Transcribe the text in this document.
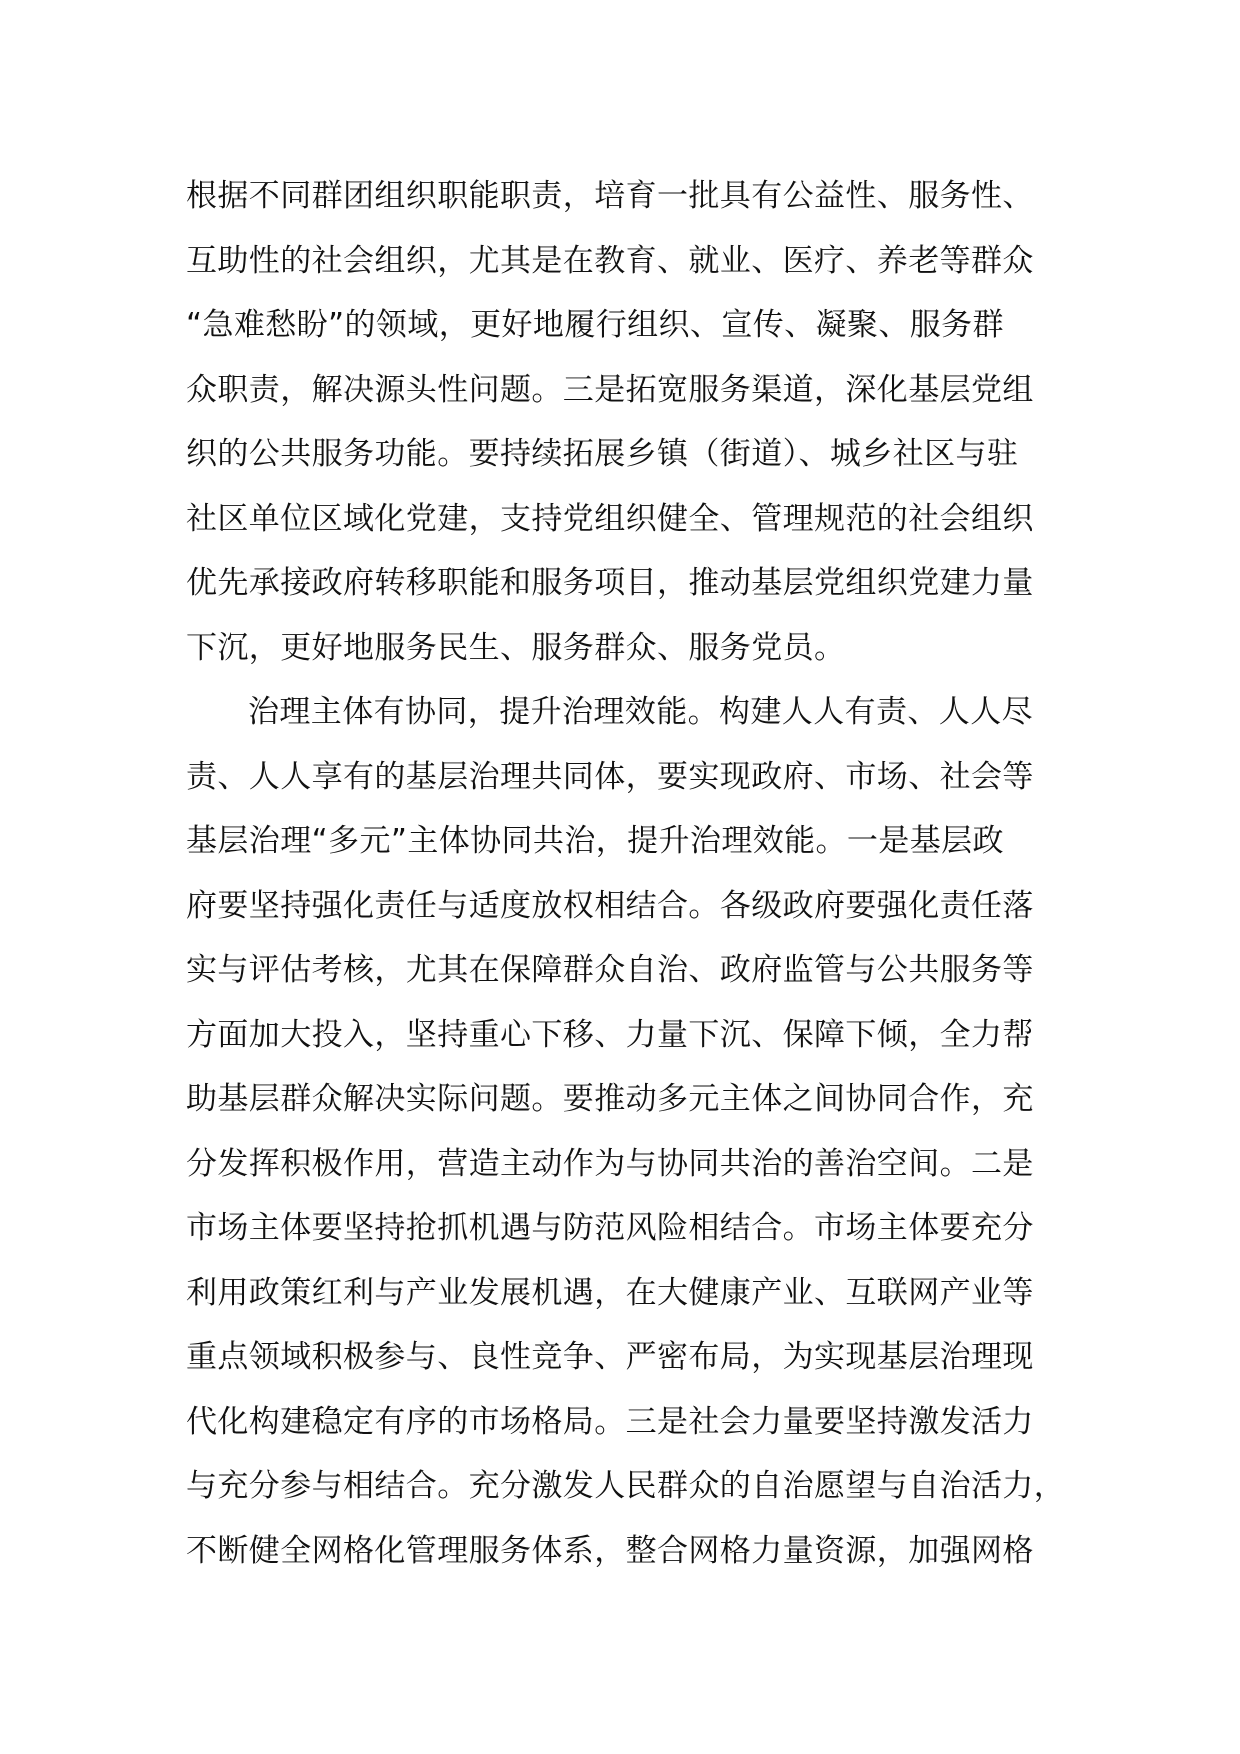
根据不同群团组织职能职责，培育一批具有公益性、服务性、
互助性的社会组织，尤其是在教育、就业、医疗、养老等群众
“急难愁盼”的领域，更好地履行组织、宣传、凝聚、服务群
众职责，解决源头性问题。三是拓宽服务渠道，深化基层党组
织的公共服务功能。要持续拓展乡镇（街道）、城乡社区与驻
社区单位区域化党建，支持党组织健全、管理规范的社会组织
优先承接政府转移职能和服务项目，推动基层党组织党建力量
下沉，更好地服务民生、服务群众、服务党员。
治理主体有协同，提升治理效能。构建人人有责、人人尽
责、人人享有的基层治理共同体，要实现政府、市场、社会等
基层治理“多元”主体协同共治，提升治理效能。一是基层政
府要坚持强化责任与适度放权相结合。各级政府要强化责任落
实与评估考核，尤其在保障群众自治、政府监管与公共服务等
方面加大投入，坚持重心下移、力量下沉、保障下倾，全力帮
助基层群众解决实际问题。要推动多元主体之间协同合作，充
分发挥积极作用，营造主动作为与协同共治的善治空间。二是
市场主体要坚持抢抓机遇与防范风险相结合。市场主体要充分
利用政策红利与产业发展机遇，在大健康产业、互联网产业等
重点领域积极参与、良性竞争、严密布局，为实现基层治理现
代化构建稳定有序的市场格局。三是社会力量要坚持激发活力
与充分参与相结合。充分激发人民群众的自治愿望与自治活力，
不断健全网格化管理服务体系，整合网格力量资源，加强网格
